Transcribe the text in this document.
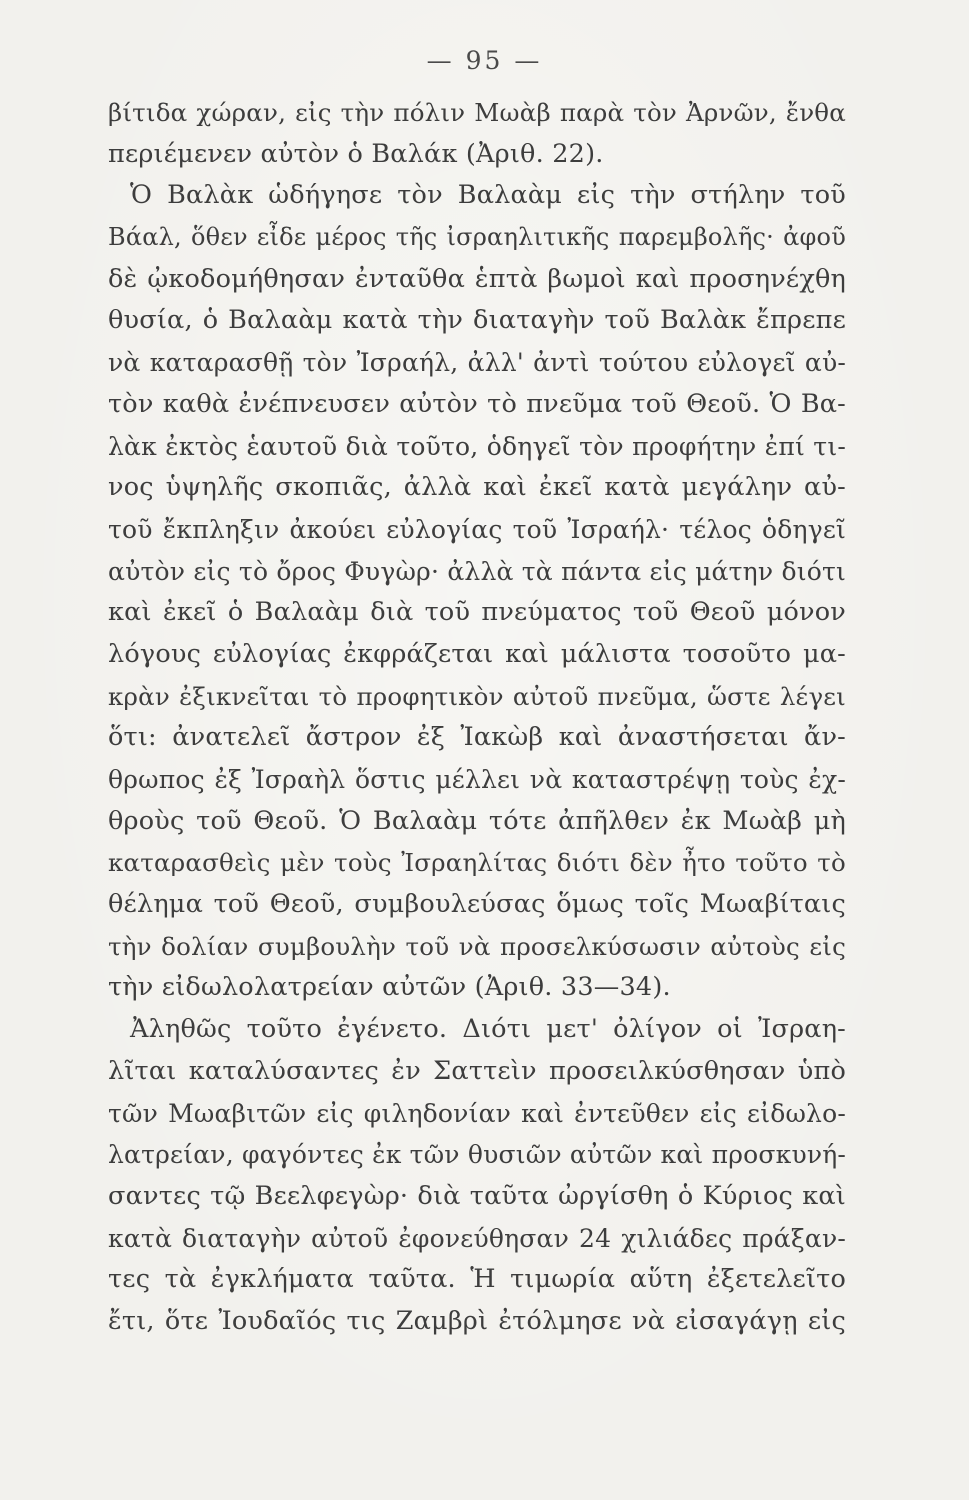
— 95 —
βίτιδα χώραν, εἰς τὴν πόλιν Μωὰβ παρὰ τὸν Ἀρνῶν, ἔνθα
περιέμενεν αὐτὸν ὁ Βαλάκ (Ἀριθ. 22).
Ὁ Βαλὰκ ὡδήγησε τὸν Βαλαὰμ εἰς τὴν στήλην τοῦ
Βάαλ, ὅθεν εἶδε μέρος τῆς ἰσραηλιτικῆς παρεμβολῆς· ἀφοῦ
δὲ ᾠκοδομήθησαν ἐνταῦθα ἑπτὰ βωμοὶ καὶ προσηνέχθη
θυσία, ὁ Βαλαὰμ κατὰ τὴν διαταγὴν τοῦ Βαλὰκ ἔπρεπε
νὰ καταρασθῇ τὸν Ἰσραήλ, ἀλλ' ἀντὶ τούτου εὐλογεῖ αὐ-
τὸν καθὰ ἐνέπνευσεν αὐτὸν τὸ πνεῦμα τοῦ Θεοῦ. Ὁ Βα-
λὰκ ἐκτὸς ἑαυτοῦ διὰ τοῦτο, ὁδηγεῖ τὸν προφήτην ἐπί τι-
νος ὑψηλῆς σκοπιᾶς, ἀλλὰ καὶ ἐκεῖ κατὰ μεγάλην αὐ-
τοῦ ἔκπληξιν ἀκούει εὐλογίας τοῦ Ἰσραήλ· τέλος ὁδηγεῖ
αὐτὸν εἰς τὸ ὄρος Φυγὼρ· ἀλλὰ τὰ πάντα εἰς μάτην διότι
καὶ ἐκεῖ ὁ Βαλαὰμ διὰ τοῦ πνεύματος τοῦ Θεοῦ μόνον
λόγους εὐλογίας ἐκφράζεται καὶ μάλιστα τοσοῦτο μα-
κρὰν ἐξικνεῖται τὸ προφητικὸν αὐτοῦ πνεῦμα, ὥστε λέγει
ὅτι: ἀνατελεῖ ἄστρον ἐξ Ἰακὼβ καὶ ἀναστήσεται ἄν-
θρωπος ἐξ Ἰσραὴλ ὅστις μέλλει νὰ καταστρέψῃ τοὺς ἐχ-
θροὺς τοῦ Θεοῦ. Ὁ Βαλαὰμ τότε ἀπῆλθεν ἐκ Μωὰβ μὴ
καταρασθεὶς μὲν τοὺς Ἰσραηλίτας διότι δὲν ἦτο τοῦτο τὸ
θέλημα τοῦ Θεοῦ, συμβουλεύσας ὅμως τοῖς Μωαβίταις
τὴν δολίαν συμβουλὴν τοῦ νὰ προσελκύσωσιν αὐτοὺς εἰς
τὴν εἰδωλολατρείαν αὐτῶν (Ἀριθ. 33—34).
Ἀληθῶς τοῦτο ἐγένετο. Διότι μετ' ὀλίγον οἱ Ἰσραη-
λῖται καταλύσαντες ἐν Σαττεὶν προσειλκύσθησαν ὑπὸ
τῶν Μωαβιτῶν εἰς φιληδονίαν καὶ ἐντεῦθεν εἰς εἰδωλο-
λατρείαν, φαγόντες ἐκ τῶν θυσιῶν αὐτῶν καὶ προσκυνή-
σαντες τῷ Βεελφεγὼρ· διὰ ταῦτα ὠργίσθη ὁ Κύριος καὶ
κατὰ διαταγὴν αὐτοῦ ἐφονεύθησαν 24 χιλιάδες πράξαν-
τες τὰ ἐγκλήματα ταῦτα. Ἡ τιμωρία αὕτη ἐξετελεῖτο
ἔτι, ὅτε Ἰουδαῖός τις Ζαμβρὶ ἐτόλμησε νὰ εἰσαγάγῃ εἰς
